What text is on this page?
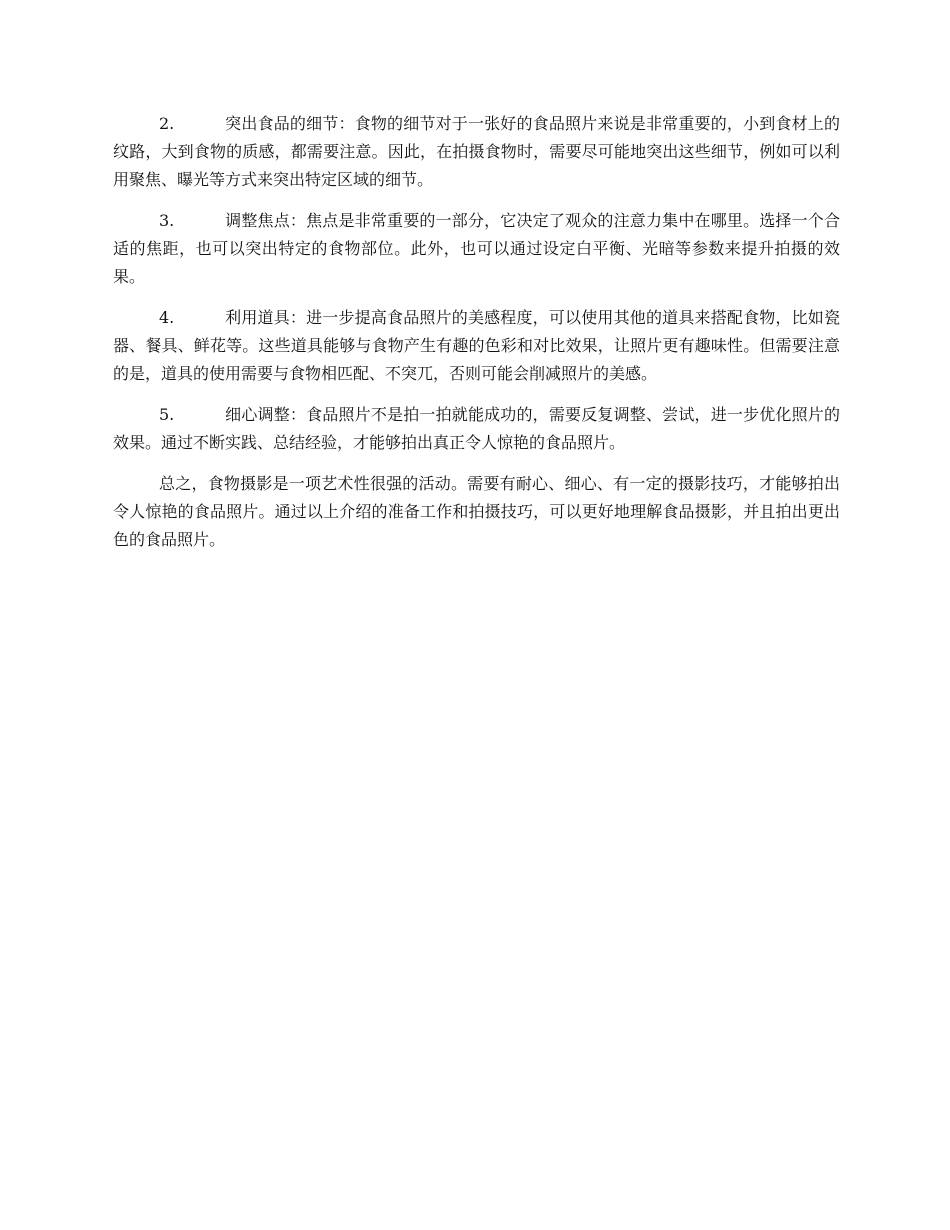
2.	突出食品的细节：食物的细节对于一张好的食品照片来说是非常重要的，小到食材上的纹路，大到食物的质感，都需要注意。因此，在拍摄食物时，需要尽可能地突出这些细节，例如可以利用聚焦、曝光等方式来突出特定区域的细节。

3.	调整焦点：焦点是非常重要的一部分，它决定了观众的注意力集中在哪里。选择一个合适的焦距，也可以突出特定的食物部位。此外，也可以通过设定白平衡、光暗等参数来提升拍摄的效果。

4.	利用道具：进一步提高食品照片的美感程度，可以使用其他的道具来搭配食物，比如瓷器、餐具、鲜花等。这些道具能够与食物产生有趣的色彩和对比效果，让照片更有趣味性。但需要注意的是，道具的使用需要与食物相匹配、不突兀，否则可能会削减照片的美感。

5.	细心调整：食品照片不是拍一拍就能成功的，需要反复调整、尝试，进一步优化照片的效果。通过不断实践、总结经验，才能够拍出真正令人惊艳的食品照片。

总之，食物摄影是一项艺术性很强的活动。需要有耐心、细心、有一定的摄影技巧，才能够拍出令人惊艳的食品照片。通过以上介绍的准备工作和拍摄技巧，可以更好地理解食品摄影，并且拍出更出色的食品照片。
